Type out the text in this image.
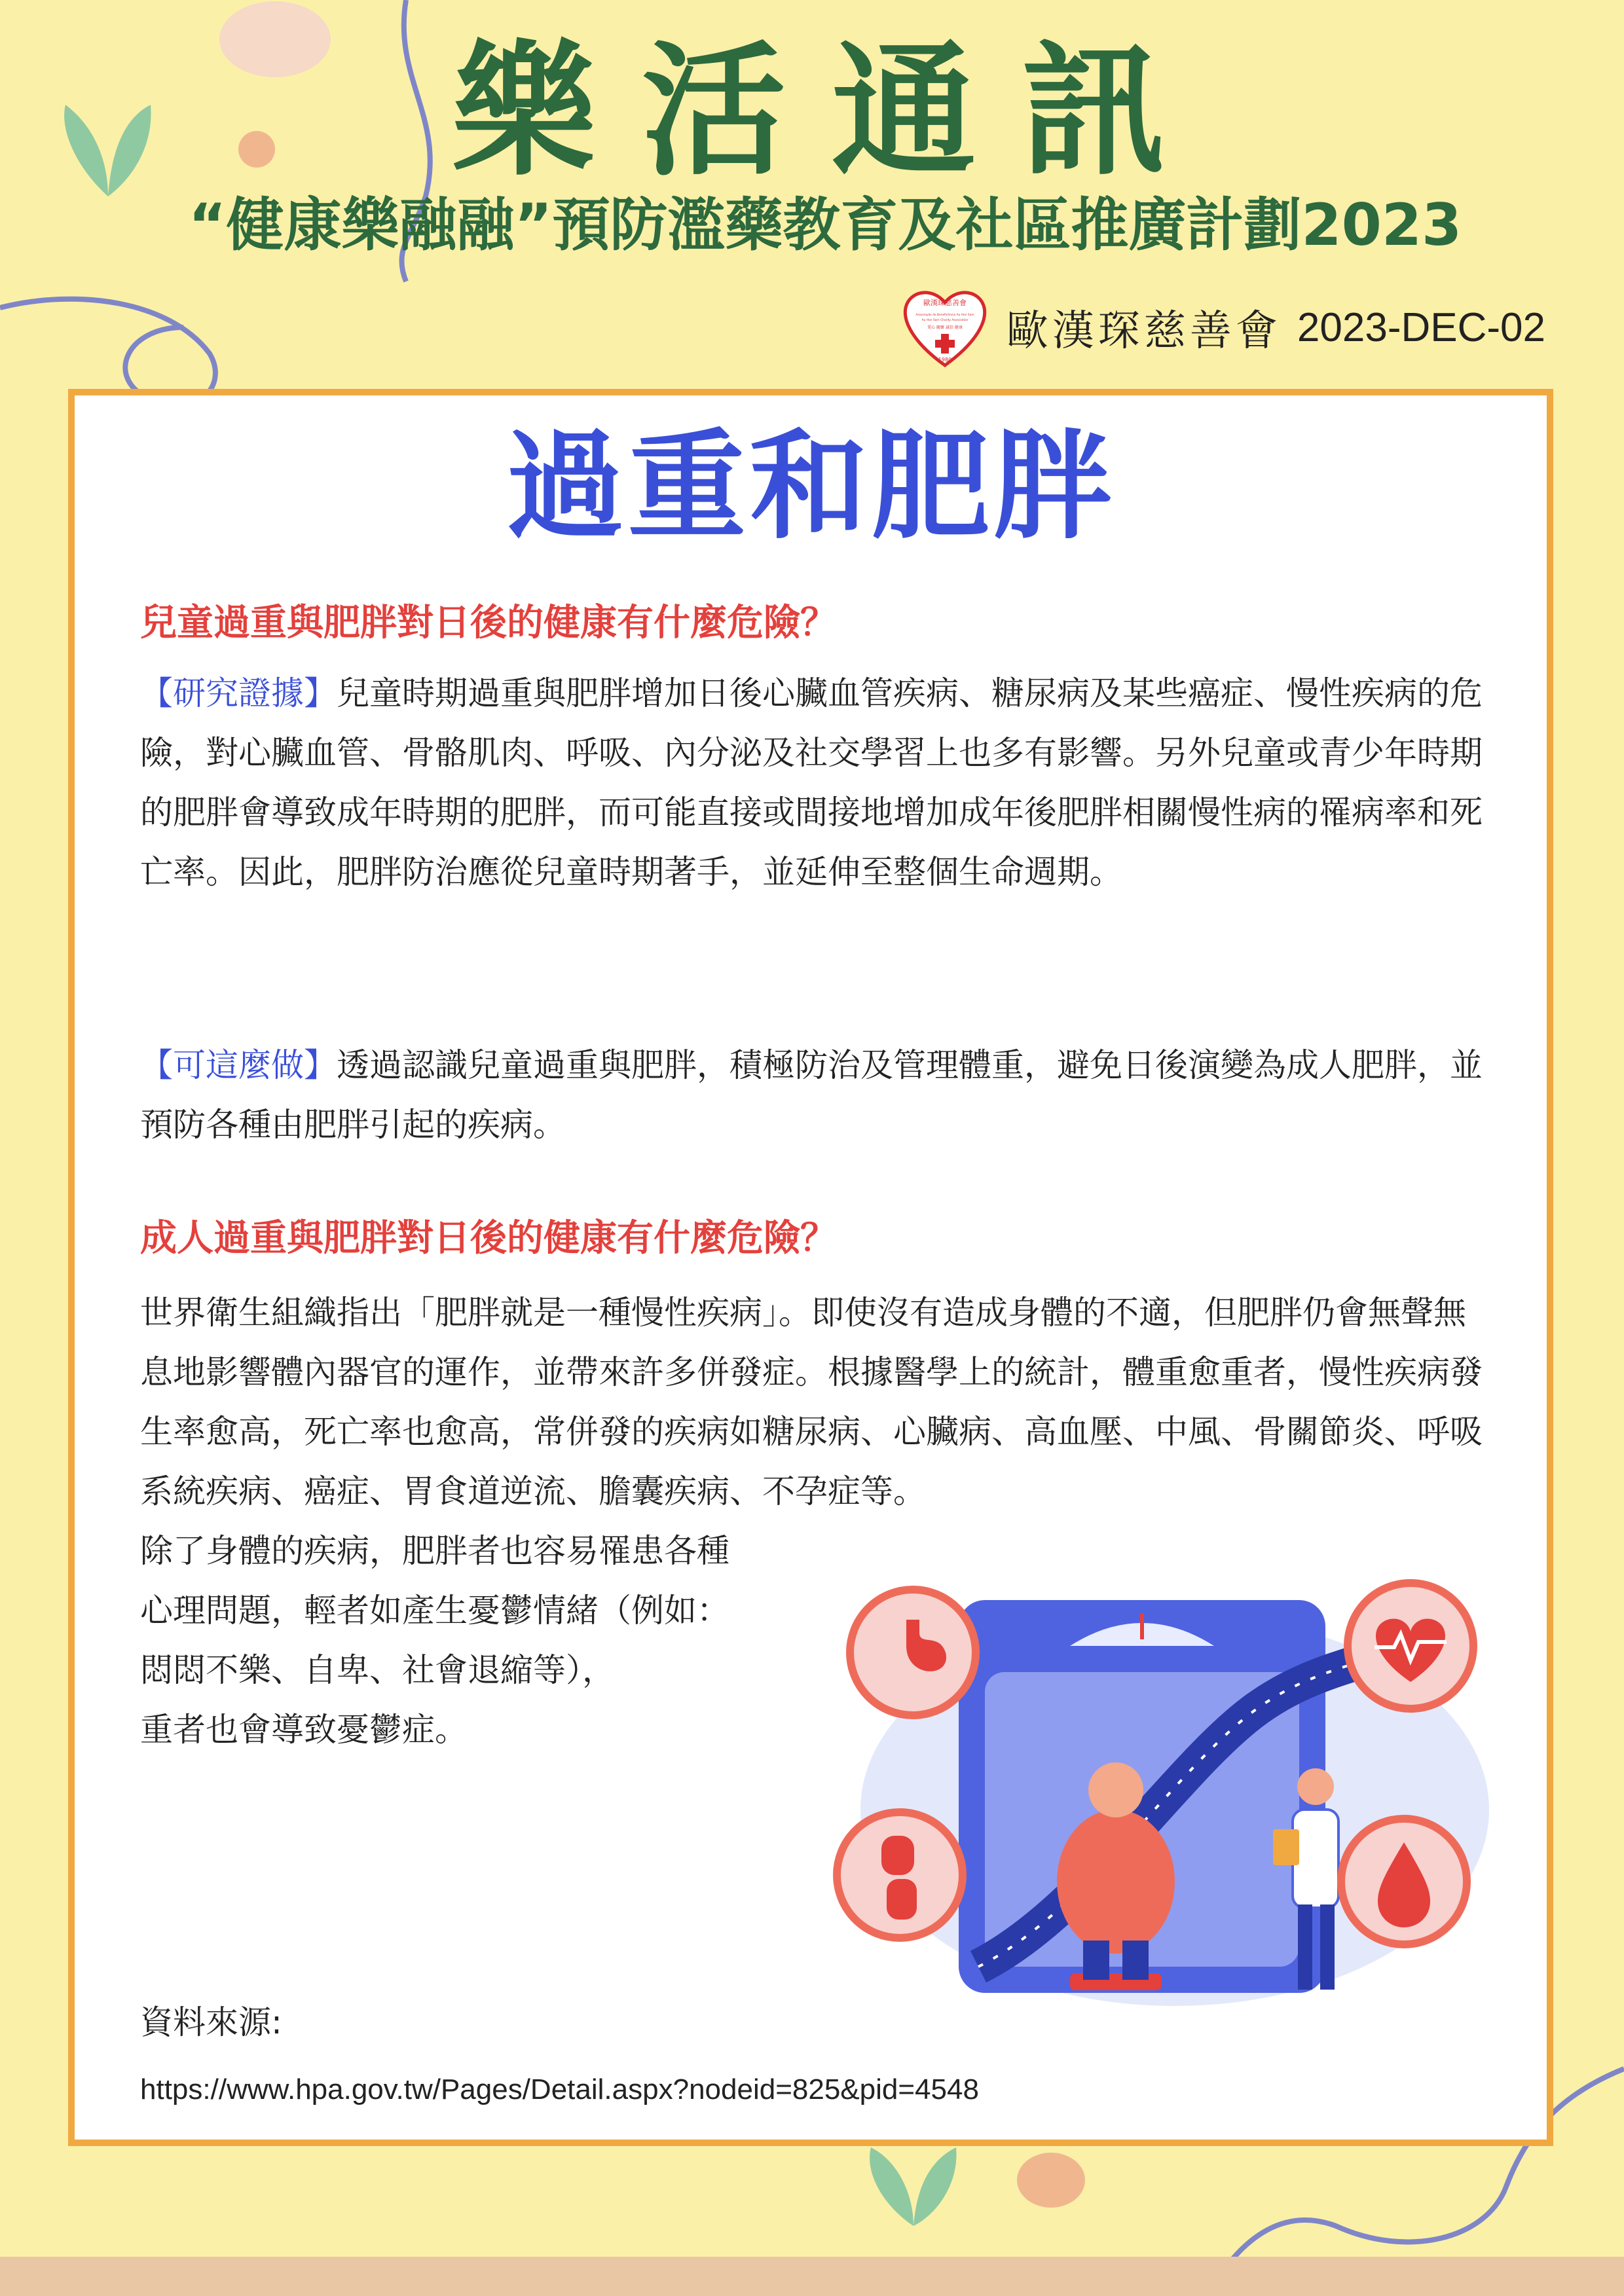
樂活通訊
“健康樂融融”預防濫藥教育及社區推廣計劃2023
歐漢琛慈善會
Associação de Beneficência Au Hon Sam
Au Hon Sam Charity Association
愛心 關懷 誠信 健康
1980
歐漢琛慈善會 2023-DEC-02
過重和肥胖
兒童過重與肥胖對日後的健康有什麼危險？

【研究證據】兒童時期過重與肥胖增加日後心臟血管疾病、糖尿病及某些癌症、慢性疾病的危險，對心臟血管、骨骼肌肉、呼吸、內分泌及社交學習上也多有影響。另外兒童或青少年時期的肥胖會導致成年時期的肥胖，而可能直接或間接地增加成年後肥胖相關慢性病的罹病率和死亡率。因此，肥胖防治應從兒童時期著手，並延伸至整個生命週期。

【可這麼做】透過認識兒童過重與肥胖，積極防治及管理體重，避免日後演變為成人肥胖，並預防各種由肥胖引起的疾病。

成人過重與肥胖對日後的健康有什麼危險？

世界衛生組織指出「肥胖就是一種慢性疾病」。即使沒有造成身體的不適，但肥胖仍會無聲無息地影響體內器官的運作，並帶來許多併發症。根據醫學上的統計，體重愈重者，慢性疾病發生率愈高，死亡率也愈高，常併發的疾病如糖尿病、心臟病、高血壓、中風、骨關節炎、呼吸系統疾病、癌症、胃食道逆流、膽囊疾病、不孕症等。

除了身體的疾病，肥胖者也容易罹患各種
心理問題，輕者如產生憂鬱情緒（例如：
悶悶不樂、自卑、社會退縮等），
重者也會導致憂鬱症。
資料來源:
https://www.hpa.gov.tw/Pages/Detail.aspx?nodeid=825&pid=4548
